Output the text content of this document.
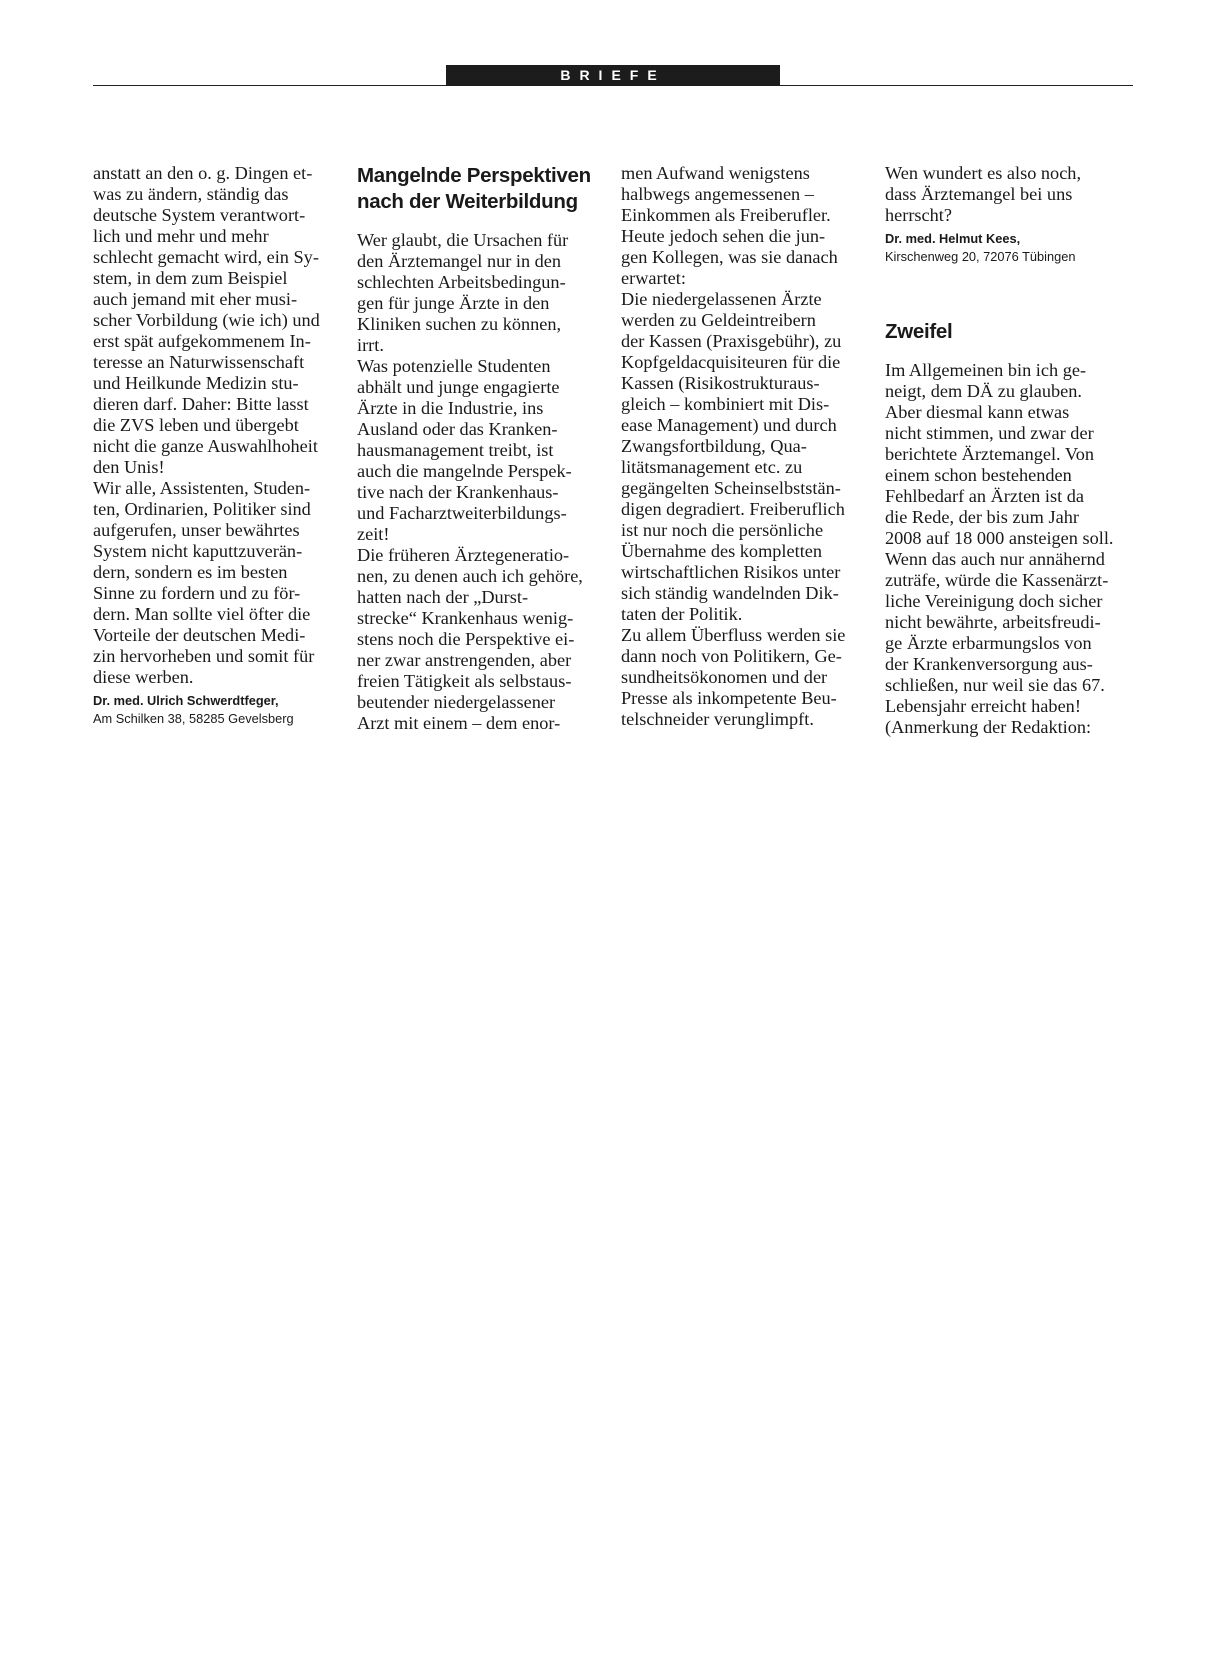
BRIEFE

anstatt an den o. g. Dingen et-
was zu ändern, ständig das
deutsche System verantwort-
lich und mehr und mehr
schlecht gemacht wird, ein Sy-
stem, in dem zum Beispiel
auch jemand mit eher musi-
scher Vorbildung (wie ich) und
erst spät aufgekommenem In-
teresse an Naturwissenschaft
und Heilkunde Medizin stu-
dieren darf. Daher: Bitte lasst
die ZVS leben und übergebt
nicht die ganze Auswahlhoheit
den Unis!
Wir alle, Assistenten, Studen-
ten, Ordinarien, Politiker sind
aufgerufen, unser bewährtes
System nicht kaputtzuverän-
dern, sondern es im besten
Sinne zu fordern und zu för-
dern. Man sollte viel öfter die
Vorteile der deutschen Medi-
zin hervorheben und somit für
diese werben.

Dr. med. Ulrich Schwerdtfeger,
Am Schilken 38, 58285 Gevelsberg
Mangelnde Perspektiven
nach der Weiterbildung

Wer glaubt, die Ursachen für
den Ärztemangel nur in den
schlechten Arbeitsbedingun-
gen für junge Ärzte in den
Kliniken suchen zu können,
irrt.
Was potenzielle Studenten
abhält und junge engagierte
Ärzte in die Industrie, ins
Ausland oder das Kranken-
hausmanagement treibt, ist
auch die mangelnde Perspek-
tive nach der Krankenhaus-
und Facharztweiterbildungs-
zeit!
Die früheren Ärztegeneratio-
nen, zu denen auch ich gehöre,
hatten nach der „Durst-
strecke“ Krankenhaus wenig-
stens noch die Perspektive ei-
ner zwar anstrengenden, aber
freien Tätigkeit als selbstaus-
beutender niedergelassener
Arzt mit einem – dem enor-

men Aufwand wenigstens
halbwegs angemessenen –
Einkommen als Freiberufler.
Heute jedoch sehen die jun-
gen Kollegen, was sie danach
erwartet:
Die niedergelassenen Ärzte
werden zu Geldeintreibern
der Kassen (Praxisgebühr), zu
Kopfgeldacquisiteuren für die
Kassen (Risikostrukturaus-
gleich – kombiniert mit Dis-
ease Management) und durch
Zwangsfortbildung, Qua-
litätsmanagement etc. zu
gegängelten Scheinselbststän-
digen degradiert. Freiberuflich
ist nur noch die persönliche
Übernahme des kompletten
wirtschaftlichen Risikos unter
sich ständig wandelnden Dik-
taten der Politik.
Zu allem Überfluss werden sie
dann noch von Politikern, Ge-
sundheitsökonomen und der
Presse als inkompetente Beu-
telschneider verunglimpft.

Wen wundert es also noch,
dass Ärztemangel bei uns
herrscht?

Dr. med. Helmut Kees,
Kirschenweg 20, 72076 Tübingen
Zweifel

Im Allgemeinen bin ich ge-
neigt, dem DÄ zu glauben.
Aber diesmal kann etwas
nicht stimmen, und zwar der
berichtete Ärztemangel. Von
einem schon bestehenden
Fehlbedarf an Ärzten ist da
die Rede, der bis zum Jahr
2008 auf 18 000 ansteigen soll.
Wenn das auch nur annähernd
zuträfe, würde die Kassenärzt-
liche Vereinigung doch sicher
nicht bewährte, arbeitsfreudi-
ge Ärzte erbarmungslos von
der Krankenversorgung aus-
schließen, nur weil sie das 67.
Lebensjahr erreicht haben!
(Anmerkung der Redaktion:
